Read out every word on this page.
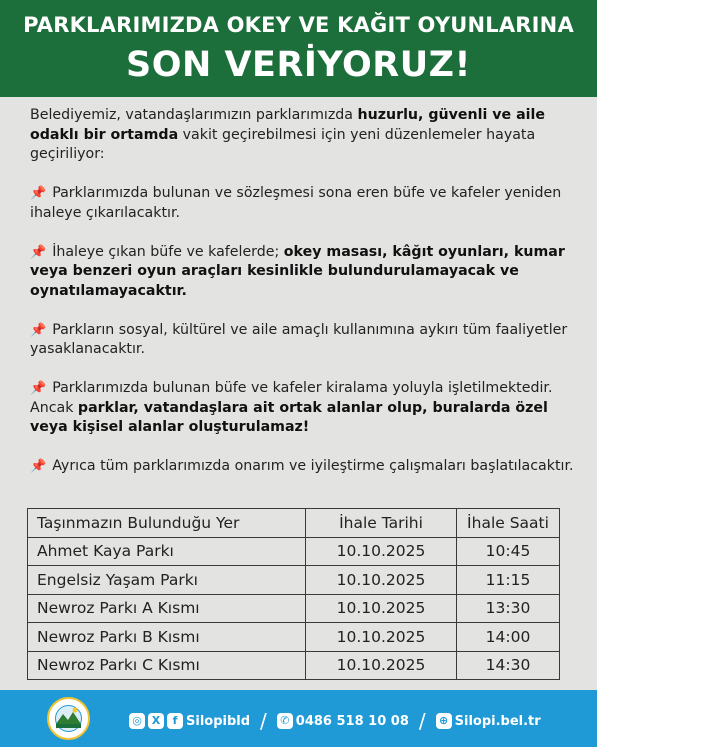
PARKLARIMIZDA OKEY VE KAĞIT OYUNLARINA
SON VERİYORUZ!

Belediyemiz, vatandaşlarımızın parklarımızda huzurlu, güvenli ve aile odaklı bir ortamda vakit geçirebilmesi için yeni düzenlemeler hayata geçiriliyor:

📌 Parklarımızda bulunan ve sözleşmesi sona eren büfe ve kafeler yeniden ihaleye çıkarılacaktır.

📌 İhaleye çıkan büfe ve kafelerde; okey masası, kâğıt oyunları, kumar veya benzeri oyun araçları kesinlikle bulundurulamayacak ve oynatılamayacaktır.

📌 Parkların sosyal, kültürel ve aile amaçlı kullanımına aykırı tüm faaliyetler yasaklanacaktır.

📌 Parklarımızda bulunan büfe ve kafeler kiralama yoluyla işletilmektedir. Ancak parklar, vatandaşlara ait ortak alanlar olup, buralarda özel veya kişisel alanlar oluşturulamaz!

📌 Ayrıca tüm parklarımızda onarım ve iyileştirme çalışmaları başlatılacaktır.

Taşınmazın Bulunduğu Yer	İhale Tarihi	İhale Saati
Ahmet Kaya Parkı	10.10.2025	10:45
Engelsiz Yaşam Parkı	10.10.2025	11:15
Newroz Parkı A Kısmı	10.10.2025	13:30
Newroz Parkı B Kısmı	10.10.2025	14:00
Newroz Parkı C Kısmı	10.10.2025	14:30
◎ X	f Silopibld /	✆ 0486 518 10 08 /	⊕ Silopi.bel.tr
